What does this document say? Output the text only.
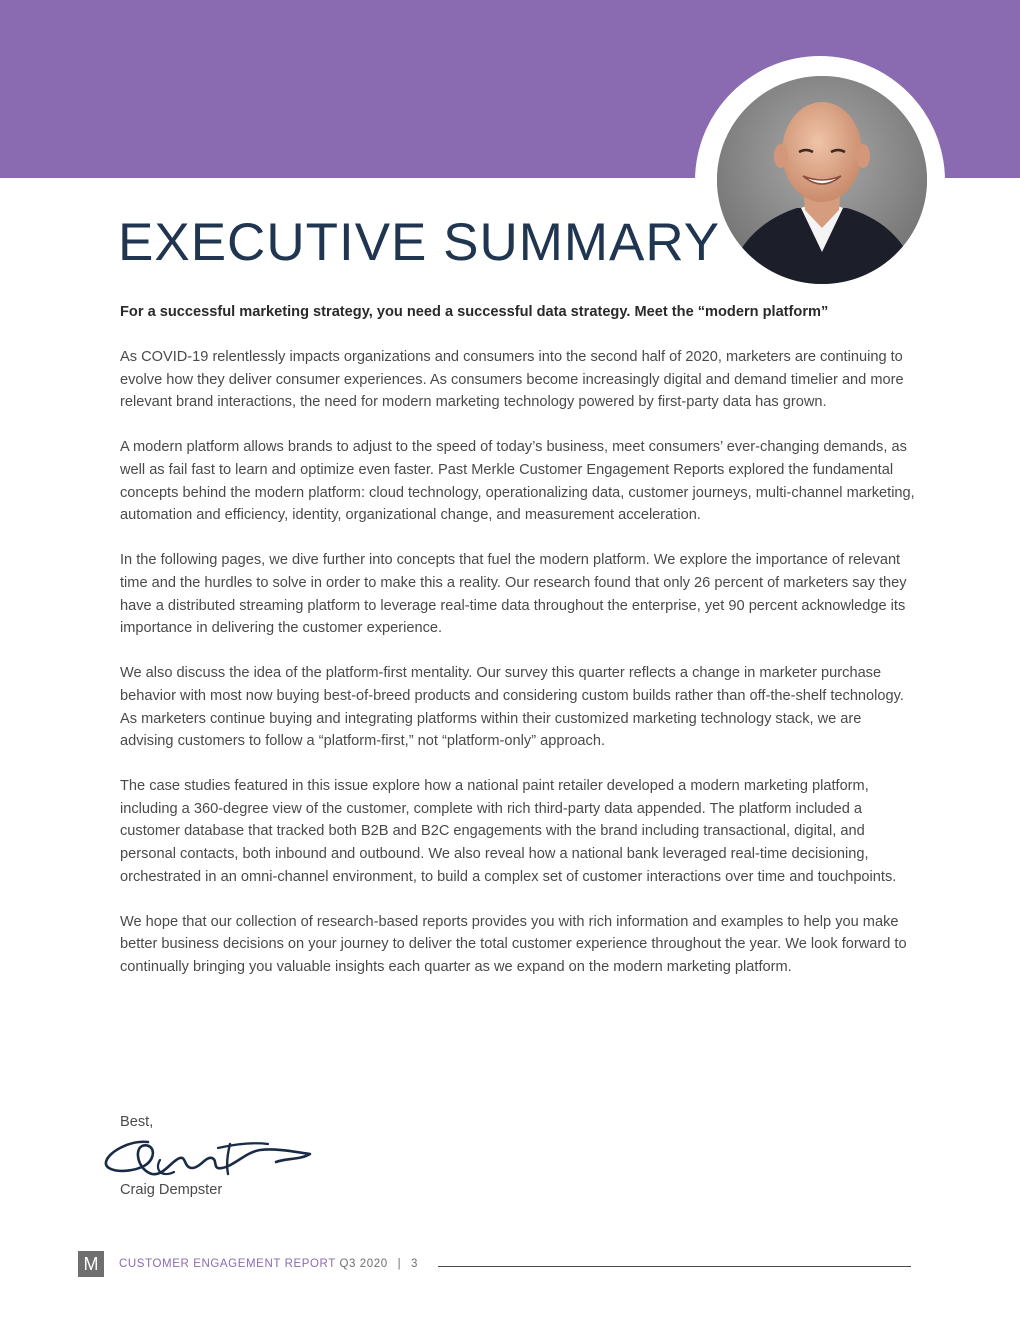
EXECUTIVE SUMMARY

For a successful marketing strategy, you need a successful data strategy. Meet the “modern platform”

As COVID-19 relentlessly impacts organizations and consumers into the second half of 2020, marketers are continuing to evolve how they deliver consumer experiences. As consumers become increasingly digital and demand timelier and more relevant brand interactions, the need for modern marketing technology powered by first-party data has grown.

A modern platform allows brands to adjust to the speed of today’s business, meet consumers’ ever-changing demands, as well as fail fast to learn and optimize even faster. Past Merkle Customer Engagement Reports explored the fundamental concepts behind the modern platform: cloud technology, operationalizing data, customer journeys, multi-channel marketing, automation and efficiency, identity, organizational change, and measurement acceleration.

In the following pages, we dive further into concepts that fuel the modern platform. We explore the importance of relevant time and the hurdles to solve in order to make this a reality. Our research found that only 26 percent of marketers say they have a distributed streaming platform to leverage real-time data throughout the enterprise, yet 90 percent acknowledge its importance in delivering the customer experience.

We also discuss the idea of the platform-first mentality. Our survey this quarter reflects a change in marketer purchase behavior with most now buying best-of-breed products and considering custom builds rather than off-the-shelf technology. As marketers continue buying and integrating platforms within their customized marketing technology stack, we are advising customers to follow a “platform-first,” not “platform-only” approach.

The case studies featured in this issue explore how a national paint retailer developed a modern marketing platform, including a 360-degree view of the customer, complete with rich third-party data appended. The platform included a customer database that tracked both B2B and B2C engagements with the brand including transactional, digital, and personal contacts, both inbound and outbound. We also reveal how a national bank leveraged real-time decisioning, orchestrated in an omni-channel environment, to build a complex set of customer interactions over time and touchpoints.

We hope that our collection of research-based reports provides you with rich information and examples to help you make better business decisions on your journey to deliver the total customer experience throughout the year. We look forward to continually bringing you valuable insights each quarter as we expand on the modern marketing platform.

Best,

Craig Dempster

M	CUSTOMER ENGAGEMENT REPORT Q3 2020 | 3
